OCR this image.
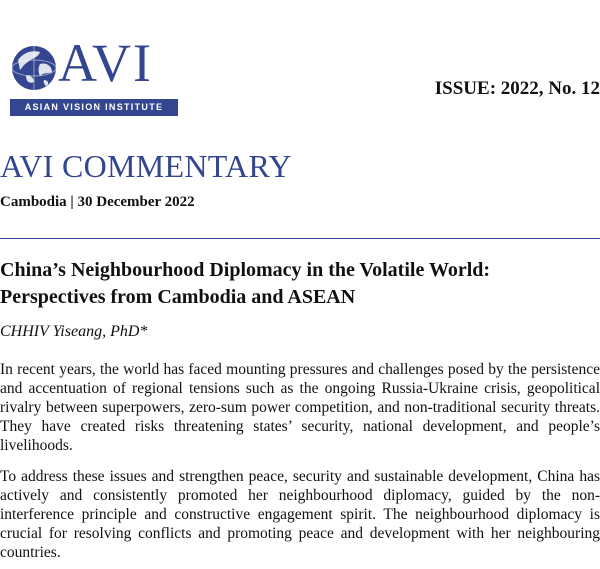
AVI
ASIAN VISION INSTITUTE
ISSUE: 2022, No. 12
AVI COMMENTARY
Cambodia | 30 December 2022
China’s Neighbourhood Diplomacy in the Volatile World: Perspectives from Cambodia and ASEAN
CHHIV Yiseang, PhD*

In recent years, the world has faced mounting pressures and challenges posed by the persistence and accentuation of regional tensions such as the ongoing Russia-Ukraine crisis, geopolitical rivalry between superpowers, zero-sum power competition, and non-traditional security threats. They have created risks threatening states’ security, national development, and people’s livelihoods.

To address these issues and strengthen peace, security and sustainable development, China has actively and consistently promoted her neighbourhood diplomacy, guided by the non-interference principle and constructive engagement spirit. The neighbourhood diplomacy is crucial for resolving conflicts and promoting peace and development with her neighbouring countries.
